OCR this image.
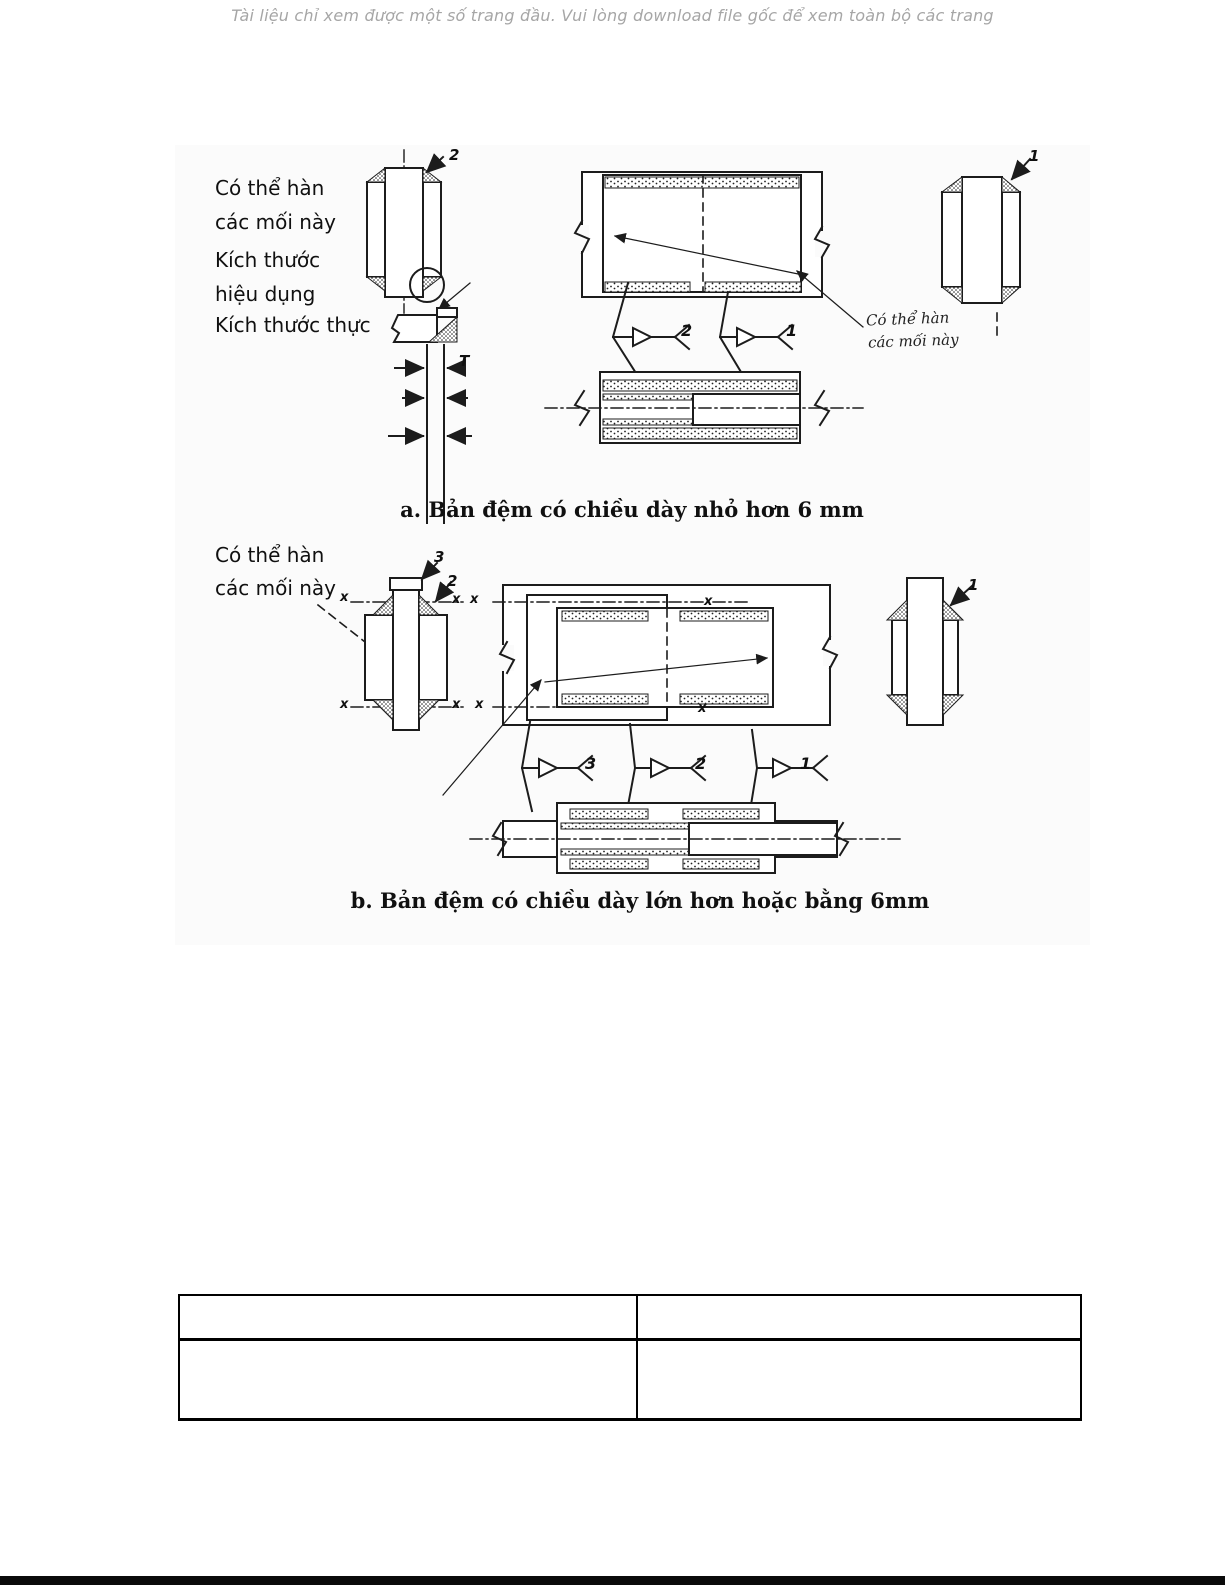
Tài liệu chỉ xem được một số trang đầu. Vui lòng download file gốc để xem toàn bộ các trang
Có thể hàn
các mối này
Kích thước
hiệu dụng
Kích thước thực
2	1
T
2	1
Có thể hàn
các mối này
a. Bản đệm có chiều dày nhỏ hơn 6 mm
Có thể hàn
các mối này
3
2	1
x	x
x	x
x	x
x	x
3	2	1
b. Bản đệm có chiều dày lớn hơn hoặc bằng 6mm
